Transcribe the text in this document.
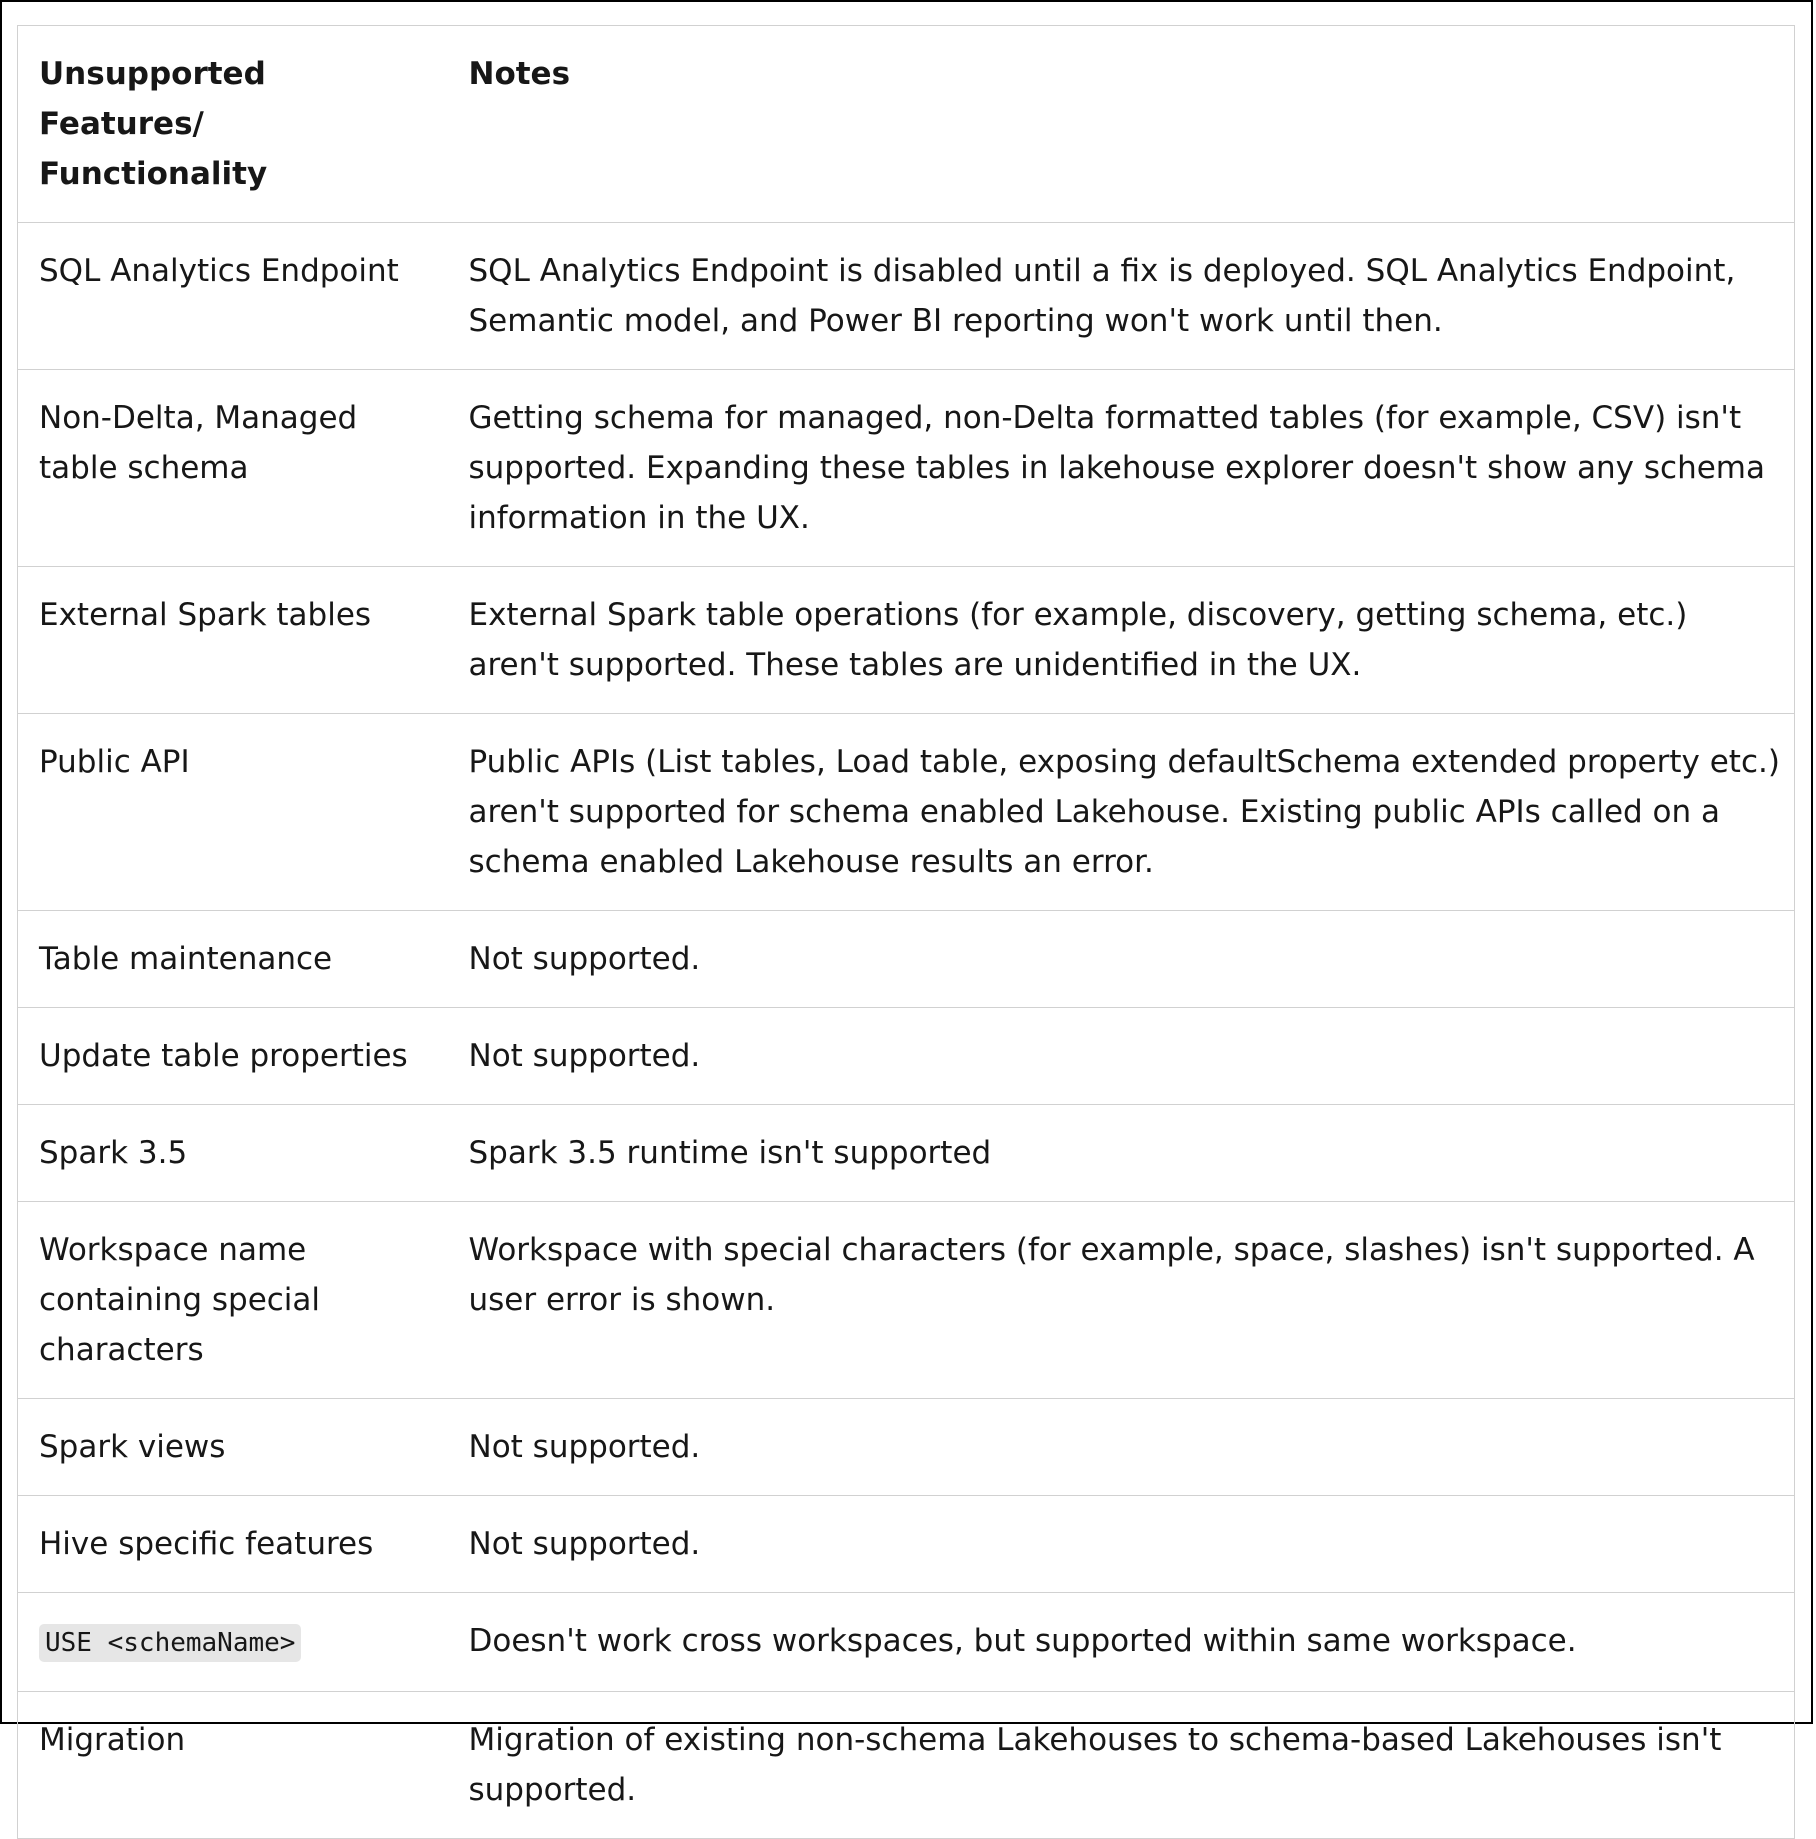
Unsupported Features/ Functionality	Notes
SQL Analytics Endpoint	SQL Analytics Endpoint is disabled until a fix is deployed. SQL Analytics Endpoint, Semantic model, and Power BI reporting won't work until then.
Non-Delta, Managed table schema	Getting schema for managed, non-Delta formatted tables (for example, CSV) isn't supported. Expanding these tables in lakehouse explorer doesn't show any schema information in the UX.
External Spark tables	External Spark table operations (for example, discovery, getting schema, etc.) aren't supported. These tables are unidentified in the UX.
Public API	Public APIs (List tables, Load table, exposing defaultSchema extended property etc.) aren't supported for schema enabled Lakehouse. Existing public APIs called on a schema enabled Lakehouse results an error.
Table maintenance	Not supported.
Update table properties	Not supported.
Spark 3.5	Spark 3.5 runtime isn't supported
Workspace name containing special characters	Workspace with special characters (for example, space, slashes) isn't supported. A user error is shown.
Spark views	Not supported.
Hive specific features	Not supported.
USE <schemaName>	Doesn't work cross workspaces, but supported within same workspace.
Migration	Migration of existing non-schema Lakehouses to schema-based Lakehouses isn't supported.
